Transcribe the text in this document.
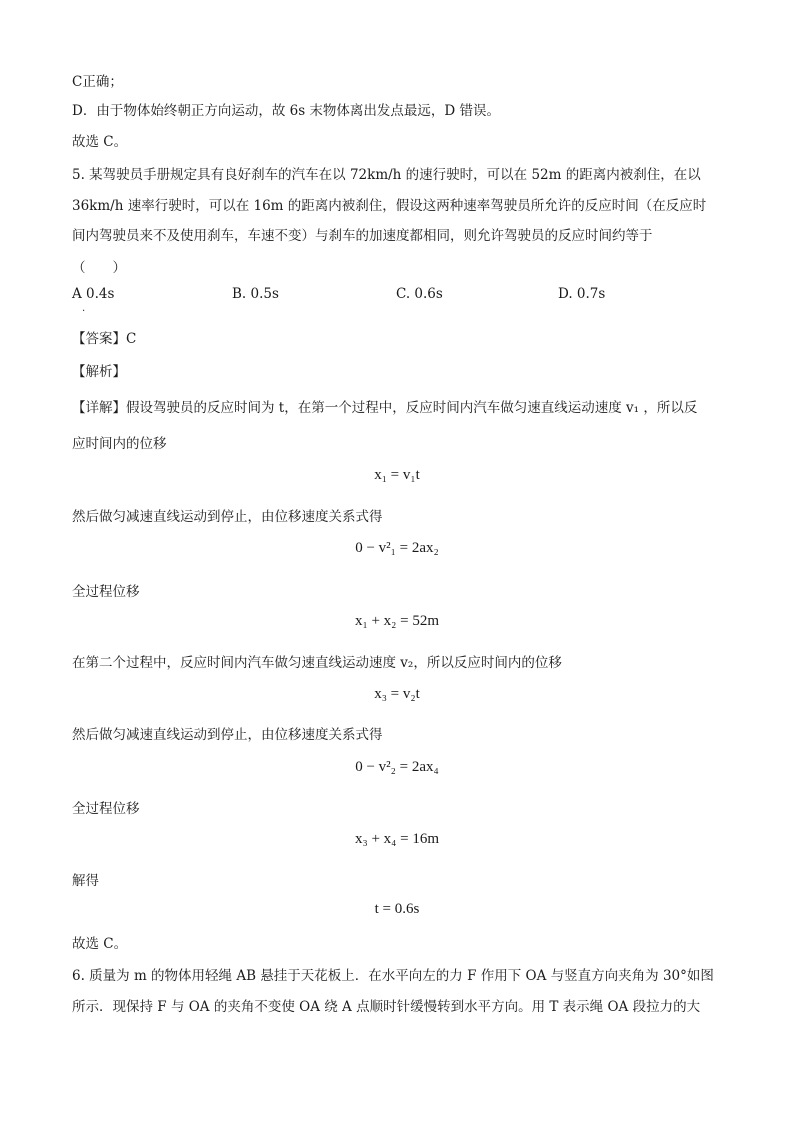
C正确；
D．由于物体始终朝正方向运动，故 6s 末物体离出发点最远，D 错误。
故选 C。
5. 某驾驶员手册规定具有良好刹车的汽车在以 72km/h 的速行驶时，可以在 52m 的距离内被刹住，在以
36km/h 速率行驶时，可以在 16m 的距离内被刹住，假设这两种速率驾驶员所允许的反应时间（在反应时
间内驾驶员来不及使用刹车，车速不变）与刹车的加速度都相同，则允许驾驶员的反应时间约等于
（　　）
A 0.4s	B. 0.5s	C. 0.6s	D. 0.7s
.
【答案】C
【解析】
【详解】假设驾驶员的反应时间为 t，在第一个过程中，反应时间内汽车做匀速直线运动速度 v₁ ，所以反
应时间内的位移
x₁ = v₁t
然后做匀减速直线运动到停止，由位移速度关系式得
0 − v²₁ = 2ax₂
全过程位移
x₁ + x₂ = 52m
在第二个过程中，反应时间内汽车做匀速直线运动速度 v₂，所以反应时间内的位移
x₃ = v₂t
然后做匀减速直线运动到停止，由位移速度关系式得
0 − v²₂ = 2ax₄
全过程位移
x₃ + x₄ = 16m
解得
t = 0.6s
故选 C。
6. 质量为 m 的物体用轻绳 AB 悬挂于天花板上．在水平向左的力 F 作用下 OA 与竖直方向夹角为 30°如图
所示．现保持 F 与 OA 的夹角不变使 OA 绕 A 点顺时针缓慢转到水平方向。用 T 表示绳 OA 段拉力的大
